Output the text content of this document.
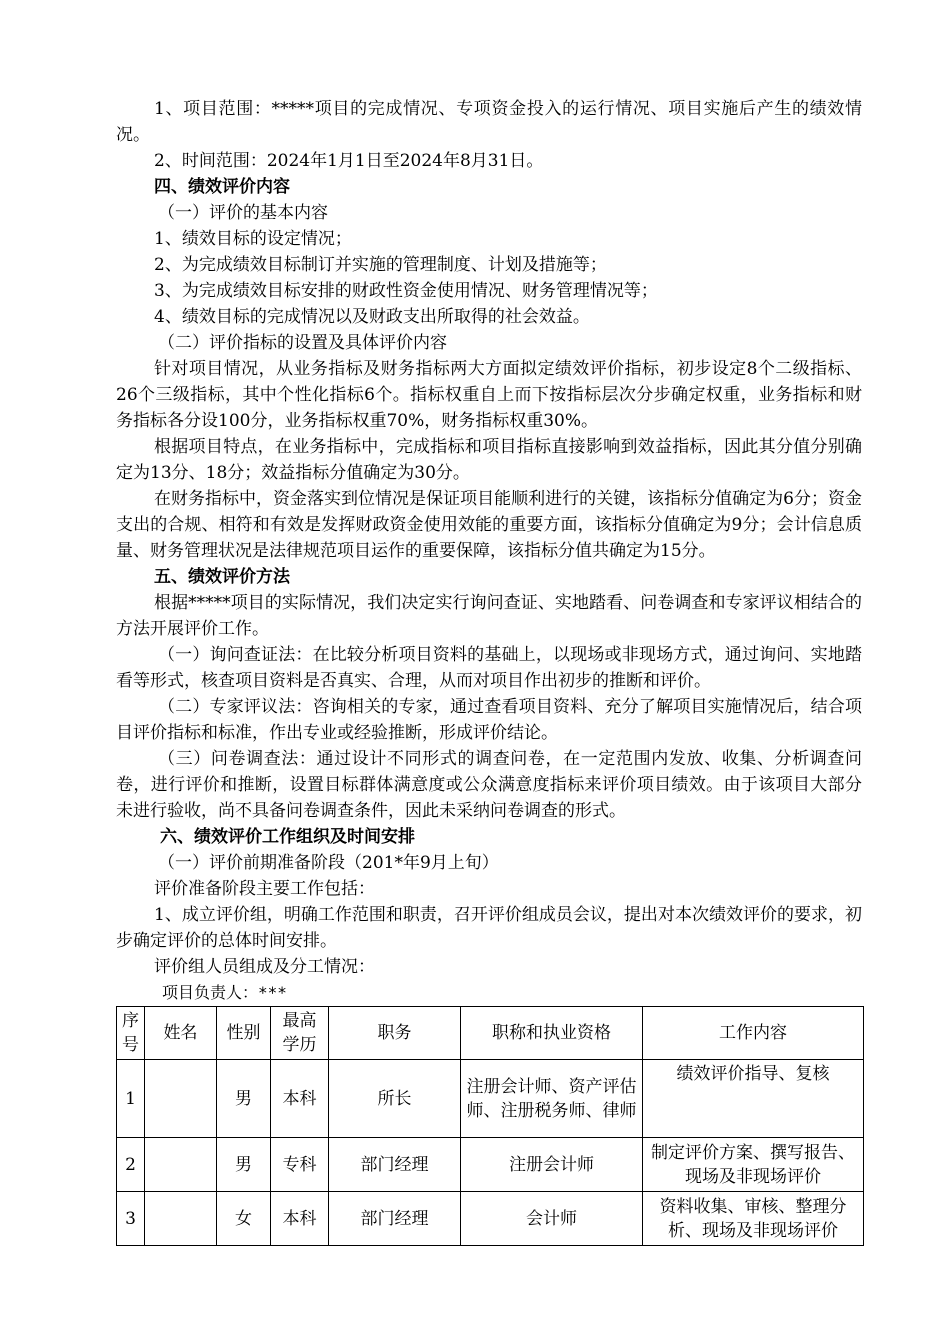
1、项目范围：*****项目的完成情况、专项资金投入的运行情况、项目实施后产生的绩效情况。

2、时间范围：2024年1月1日至2024年8月31日。

四、绩效评价内容

（一）评价的基本内容

1、绩效目标的设定情况；

2、为完成绩效目标制订并实施的管理制度、计划及措施等；

3、为完成绩效目标安排的财政性资金使用情况、财务管理情况等；

4、绩效目标的完成情况以及财政支出所取得的社会效益。

（二）评价指标的设置及具体评价内容

针对项目情况，从业务指标及财务指标两大方面拟定绩效评价指标，初步设定8个二级指标、26个三级指标，其中个性化指标6个。指标权重自上而下按指标层次分步确定权重，业务指标和财务指标各分设100分，业务指标权重70%，财务指标权重30%。

根据项目特点，在业务指标中，完成指标和项目指标直接影响到效益指标，因此其分值分别确定为13分、18分；效益指标分值确定为30分。

在财务指标中，资金落实到位情况是保证项目能顺利进行的关键，该指标分值确定为6分；资金支出的合规、相符和有效是发挥财政资金使用效能的重要方面，该指标分值确定为9分；会计信息质量、财务管理状况是法律规范项目运作的重要保障，该指标分值共确定为15分。

五、绩效评价方法

根据*****项目的实际情况，我们决定实行询问查证、实地踏看、问卷调查和专家评议相结合的方法开展评价工作。

（一）询问查证法：在比较分析项目资料的基础上，以现场或非现场方式，通过询问、实地踏看等形式，核查项目资料是否真实、合理，从而对项目作出初步的推断和评价。

（二）专家评议法：咨询相关的专家，通过查看项目资料、充分了解项目实施情况后，结合项目评价指标和标准，作出专业或经验推断，形成评价结论。

（三）问卷调查法：通过设计不同形式的调查问卷，在一定范围内发放、收集、分析调查问卷，进行评价和推断，设置目标群体满意度或公众满意度指标来评价项目绩效。由于该项目大部分未进行验收，尚不具备问卷调查条件，因此未采纳问卷调查的形式。

六、绩效评价工作组织及时间安排

（一）评价前期准备阶段（201*年9月上旬）

评价准备阶段主要工作包括：

1、成立评价组，明确工作范围和职责，召开评价组成员会议，提出对本次绩效评价的要求，初步确定评价的总体时间安排。

评价组人员组成及分工情况：

项目负责人：***

序号	姓名	性别	最高学历	职务	职称和执业资格	工作内容
1		男	本科	所长	注册会计师、资产评估师、注册税务师、律师	绩效评价指导、复核
2		男	专科	部门经理	注册会计师	制定评价方案、撰写报告、现场及非现场评价
3		女	本科	部门经理	会计师	资料收集、审核、整理分析、现场及非现场评价
